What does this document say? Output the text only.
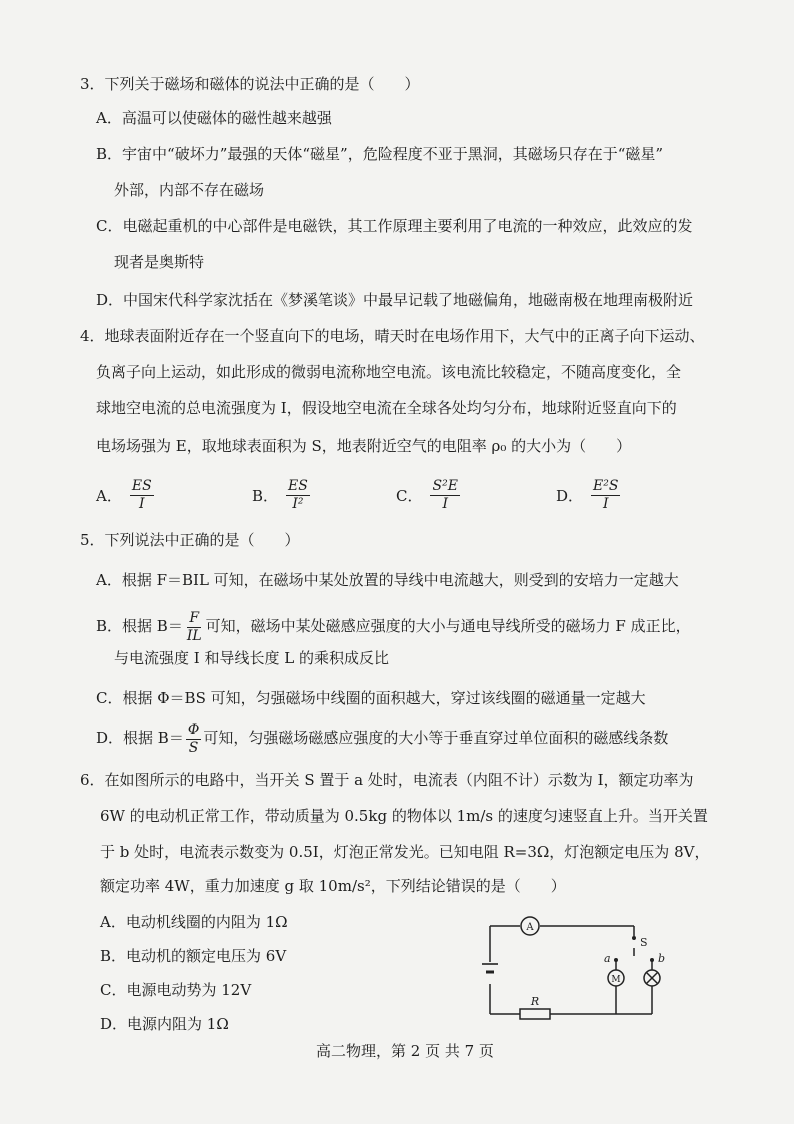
3．下列关于磁场和磁体的说法中正确的是（　　）
A．高温可以使磁体的磁性越来越强
B．宇宙中“破坏力”最强的天体“磁星”，危险程度不亚于黑洞，其磁场只存在于“磁星”
外部，内部不存在磁场
C．电磁起重机的中心部件是电磁铁，其工作原理主要利用了电流的一种效应，此效应的发
现者是奥斯特
D．中国宋代科学家沈括在《梦溪笔谈》中最早记载了地磁偏角，地磁南极在地理南极附近
4．地球表面附近存在一个竖直向下的电场，晴天时在电场作用下，大气中的正离子向下运动、
负离子向上运动，如此形成的微弱电流称地空电流。该电流比较稳定，不随高度变化，全
球地空电流的总电流强度为 I，假设地空电流在全球各处均匀分布，地球附近竖直向下的
电场场强为 E，取地球表面积为 S，地表附近空气的电阻率 ρ₀ 的大小为（　　）
A． $\frac{ES}{I}$	B． $\frac{ES}{\text{I²}}$	C． $\frac{\text{S²E}}{I}$	D． $\frac{\text{E²S}}{I}$
5．下列说法中正确的是（　　）
A．根据 F＝BIL 可知，在磁场中某处放置的导线中电流越大，则受到的安培力一定越大
B．根据 $B= \frac{F}{IL}$ 可知，磁场中某处磁感应强度的大小与通电导线所受的磁场力 F 成正比，
与电流强度 I 和导线长度 L 的乘积成反比
C．根据 Φ＝BS 可知，匀强磁场中线圈的面积越大，穿过该线圈的磁通量一定越大
D．根据 $B= \frac{\Phi}{S}$ 可知，匀强磁场磁感应强度的大小等于垂直穿过单位面积的磁感线条数
6．在如图所示的电路中，当开关 S 置于 a 处时，电流表（内阻不计）示数为 I，额定功率为
6W 的电动机正常工作，带动质量为 0.5kg 的物体以 1m/s 的速度匀速竖直上升。当开关置
于 b 处时，电流表示数变为 0.5I，灯泡正常发光。已知电阻 R=3Ω，灯泡额定电压为 8V，
额定功率 4W，重力加速度 g 取 10m/s²，下列结论错误的是（　　）
A．电动机线圈的内阻为 1Ω
B．电动机的额定电压为 6V
C．电源电动势为 12V
D．电源内阻为 1Ω
A
S
a	b
M
R
高二物理，第 2 页 共 7 页
